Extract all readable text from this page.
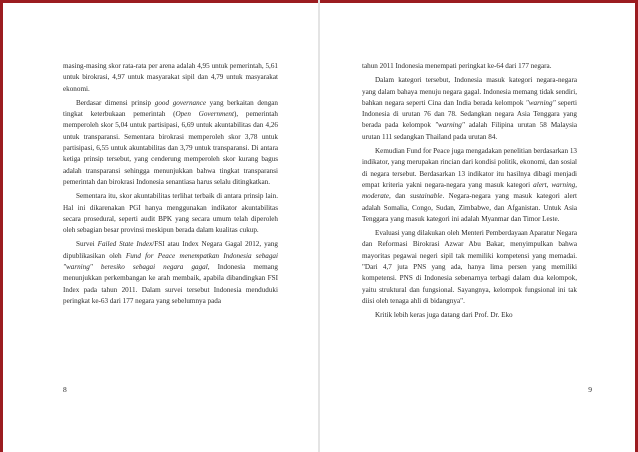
masing-masing skor rata-rata per arena adalah 4,95 untuk pemerintah, 5,61 untuk birokrasi, 4,97 untuk masyarakat sipil dan 4,79 untuk masyarakat ekonomi.

Berdasar dimensi prinsip good governance yang berkaitan dengan tingkat keterbukaan pemerintah (Open Government), pemerintah memperoleh skor 5,04 untuk partisipasi, 6,69 untuk akuntabilitas dan 4,26 untuk transparansi. Sementara birokrasi memperoleh skor 3,78 untuk partisipasi, 6,55 untuk akuntabilitas dan 3,79 untuk transparansi. Di antara ketiga prinsip tersebut, yang cenderung memperoleh skor kurang bagus adalah transparansi sehingga menunjukkan bahwa tingkat transparansi pemerintah dan birokrasi Indonesia senantiasa harus selalu ditingkatkan.

Sementara itu, skor akuntabilitas terlihat terbaik di antara prinsip lain. Hal ini dikarenakan PGI hanya menggunakan indikator akuntabilitas secara prosedural, seperti audit BPK yang secara umum telah diperoleh oleh sebagian besar provinsi meskipun berada dalam kualitas cukup.

Survei Failed State Index/FSI atau Index Negara Gagal 2012, yang dipublikasikan oleh Fund for Peace menempatkan Indonesia sebagai "warning" beresiko sebagai negara gagal, Indonesia memang menunjukkan perkembangan ke arah membaik, apabila dibandingkan FSI Index pada tahun 2011. Dalam survei tersebut Indonesia menduduki peringkat ke-63 dari 177 negara yang sebelumnya pada

8

tahun 2011 Indonesia menempati peringkat ke-64 dari 177 negara.

Dalam kategori tersebut, Indonesia masuk kategori negara-negara yang dalam bahaya menuju negara gagal. Indonesia memang tidak sendiri, bahkan negara seperti Cina dan India berada kelompok "warning" seperti Indonesia di urutan 76 dan 78. Sedangkan negara Asia Tenggara yang berada pada kelompok "warning" adalah Filipina urutan 58 Malaysia urutan 111 sedangkan Thailand pada urutan 84.

Kemudian Fund for Peace juga mengadakan penelitian berdasarkan 13 indikator, yang merupakan rincian dari kondisi politik, ekonomi, dan sosial di negara tersebut. Berdasarkan 13 indikator itu hasilnya dibagi menjadi empat kriteria yakni negara-negara yang masuk kategori alert, warning, moderate, dan sustainable. Negara-negara yang masuk kategori alert adalah Somalia, Congo, Sudan, Zimbabwe, dan Afganistan. Untuk Asia Tenggara yang masuk kategori ini adalah Myanmar dan Timor Leste.

Evaluasi yang dilakukan oleh Menteri Pemberdayaan Aparatur Negara dan Reformasi Birokrasi Azwar Abu Bakar, menyimpulkan bahwa mayoritas pegawai negeri sipil tak memiliki kompetensi yang memadai. "Dari 4,7 juta PNS yang ada, hanya lima persen yang memiliki kompetensi. PNS di Indonesia sebenarnya terbagi dalam dua kelompok, yaitu struktural dan fungsional. Sayangnya, kelompok fungsional ini tak diisi oleh tenaga ahli di bidangnya".

Kritik lebih keras juga datang dari Prof. Dr. Eko

9
